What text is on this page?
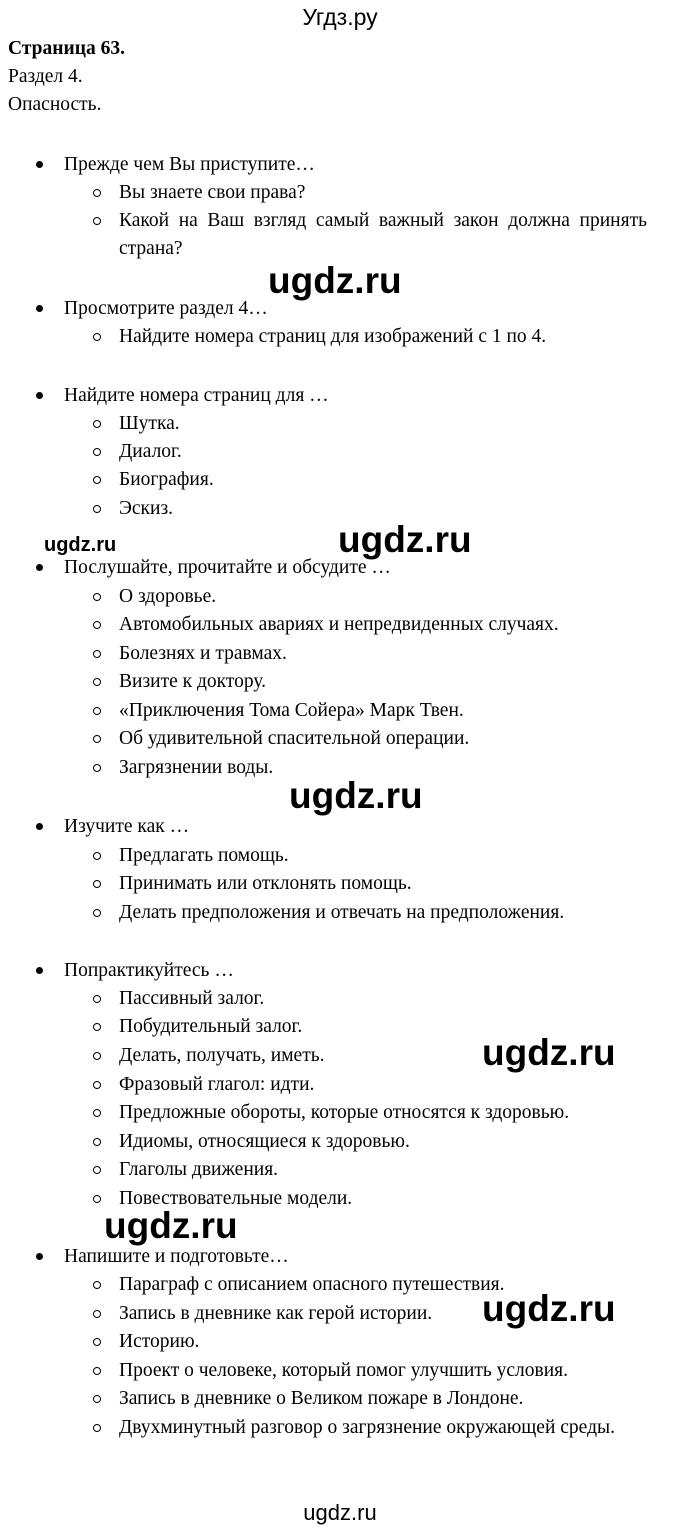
Угдз.ру
Страница 63.
Раздел 4.
Опасность.
Прежде чем Вы приступите…
Вы знаете свои права?
Какой на Ваш взгляд самый важный закон должна принять страна?
Просмотрите раздел 4…
Найдите номера страниц для изображений с 1 по 4.
Найдите номера страниц для …
Шутка.
Диалог.
Биография.
Эскиз.
Послушайте, прочитайте и обсудите …
О здоровье.
Автомобильных авариях и непредвиденных случаях.
Болезнях и травмах.
Визите к доктору.
«Приключения Тома Сойера» Марк Твен.
Об удивительной спасительной операции.
Загрязнении воды.
Изучите как …
Предлагать помощь.
Принимать или отклонять помощь.
Делать предположения и отвечать на предположения.
Попрактикуйтесь …
Пассивный залог.
Побудительный залог.
Делать, получать, иметь.
Фразовый глагол: идти.
Предложные обороты, которые относятся к здоровью.
Идиомы, относящиеся к здоровью.
Глаголы движения.
Повествовательные модели.
Напишите и подготовьте…
Параграф с описанием опасного путешествия.
Запись в дневнике как герой истории.
Историю.
Проект о человеке, который помог улучшить условия.
Запись в дневнике о Великом пожаре в Лондоне.
Двухминутный разговор о загрязнение окружающей среды.
ugdz.ru
ugdz.ru	ugdz.ru
ugdz.ru
ugdz.ru
ugdz.ru
ugdz.ru
ugdz.ru
